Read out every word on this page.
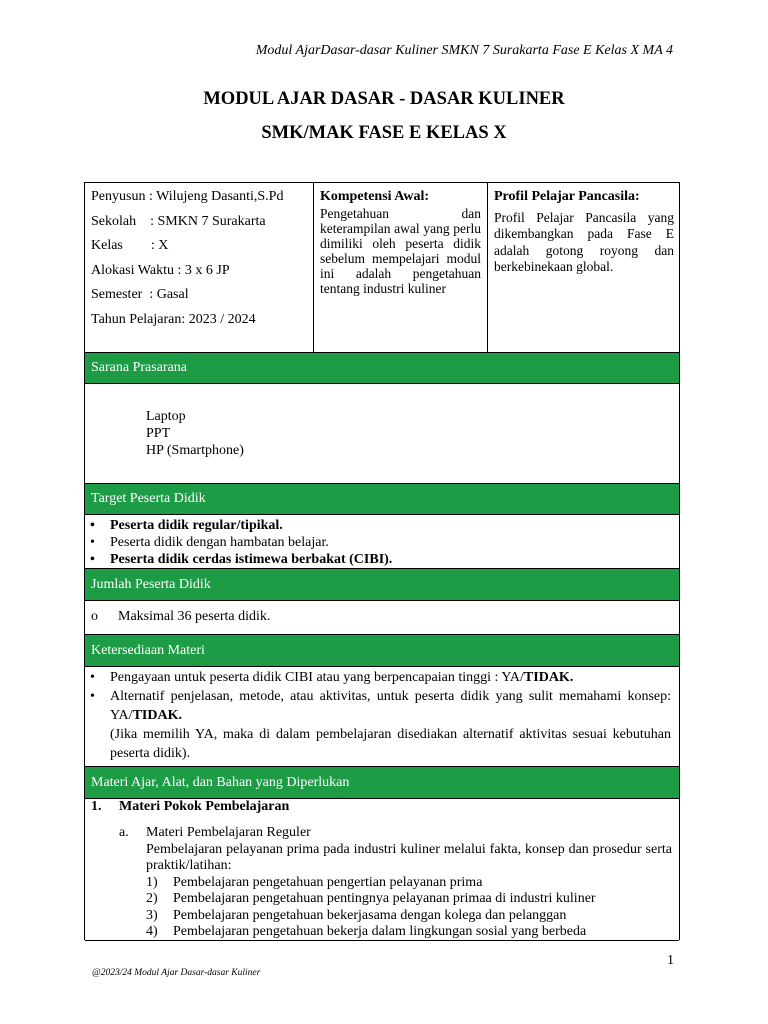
Modul AjarDasar-dasar Kuliner SMKN 7 Surakarta Fase E Kelas X MA 4
MODUL AJAR DASAR - DASAR KULINER
SMK/MAK FASE E KELAS X
Penyusun : Wilujeng Dasanti,S.Pd
Sekolah    : SMKN 7 Surakarta
Kelas        : X
Alokasi Waktu : 3 x 6 JP
Semester  : Gasal
Tahun Pelajaran: 2023 / 2024
Kompetensi Awal:
Pengetahuan dan keterampilan awal yang perlu dimiliki oleh peserta didik sebelum mempelajari modul ini adalah pengetahuan tentang industri kuliner
Profil Pelajar Pancasila:
Profil Pelajar Pancasila yang dikembangkan pada Fase E adalah gotong royong dan berkebinekaan global.
Sarana Prasarana
Laptop
PPT
HP (Smartphone)
Target Peserta Didik
• Peserta didik regular/tipikal.
• Peserta didik dengan hambatan belajar.
• Peserta didik cerdas istimewa berbakat (CIBI).
Jumlah Peserta Didik
o Maksimal 36 peserta didik.
Ketersediaan Materi
• Pengayaan untuk peserta didik CIBI atau yang berpencapaian tinggi : YA/TIDAK.
• Alternatif penjelasan, metode, atau aktivitas, untuk peserta didik yang sulit memahami konsep: YA/TIDAK.
(Jika memilih YA, maka di dalam pembelajaran disediakan alternatif aktivitas sesuai kebutuhan peserta didik).
Materi Ajar, Alat, dan Bahan yang Diperlukan
1. Materi Pokok Pembelajaran
a. Materi Pembelajaran Reguler
Pembelajaran pelayanan prima pada industri kuliner melalui fakta, konsep dan prosedur serta praktik/latihan:
1)	Pembelajaran pengetahuan pengertian pelayanan prima
2)	Pembelajaran pengetahuan pentingnya pelayanan primaa di industri kuliner
3)	Pembelajaran pengetahuan bekerjasama dengan kolega dan pelanggan
4)	Pembelajaran pengetahuan bekerja dalam lingkungan sosial yang berbeda
1
@2023/24 Modul Ajar Dasar-dasar Kuliner
